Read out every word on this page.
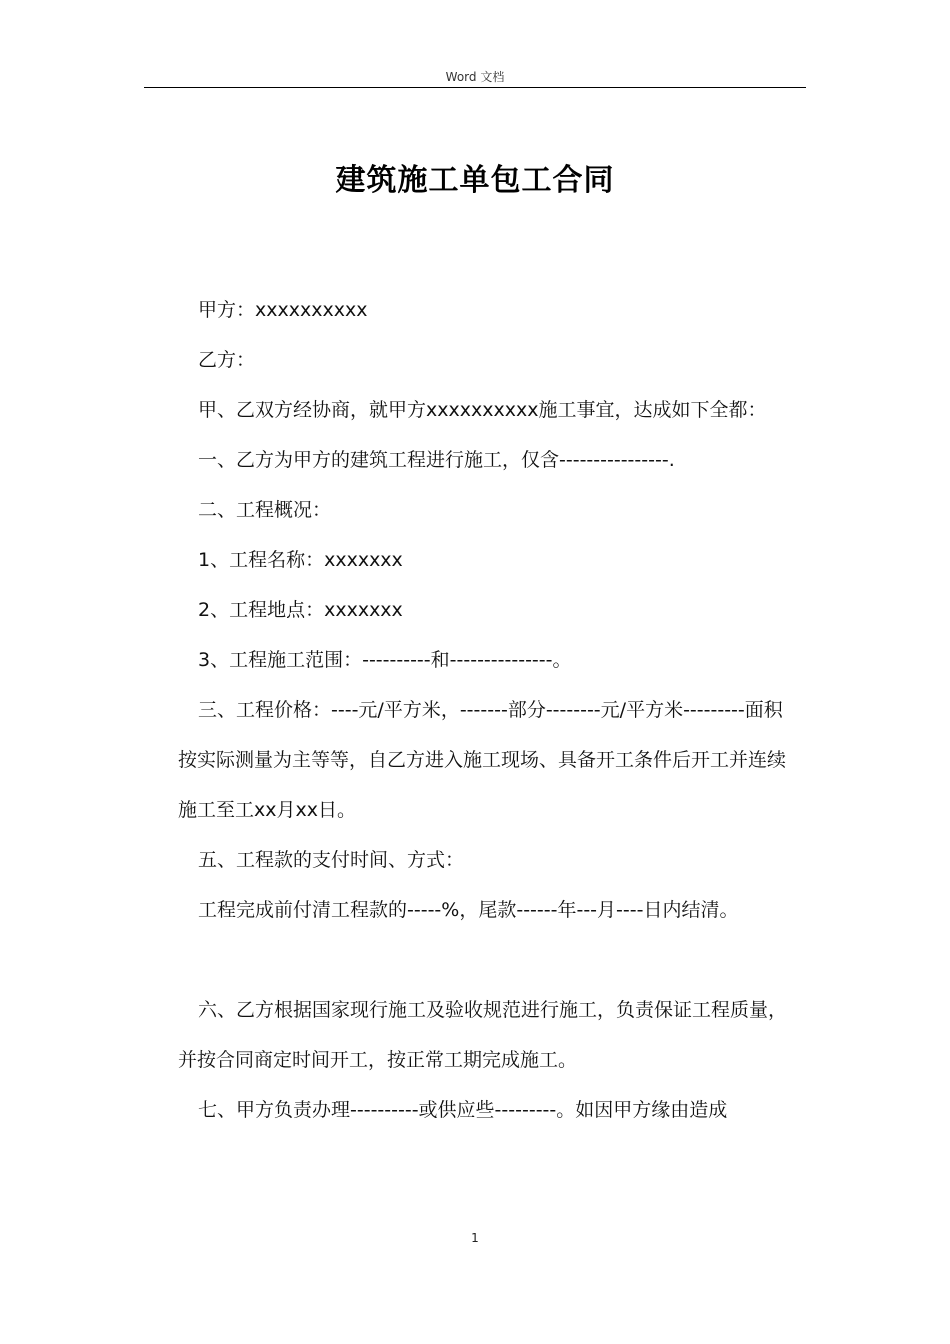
Word 文档
建筑施工单包工合同

甲方：xxxxxxxxxx

乙方：

甲、乙双方经协商，就甲方xxxxxxxxxx施工事宜，达成如下全都：

一、乙方为甲方的建筑工程进行施工，仅含----------------.

二、工程概况：

1、工程名称：xxxxxxx

2、工程地点：xxxxxxx

3、工程施工范围：----------和---------------。

三、工程价格：----元/平方米，-------部分--------元/平方米---------面积按实际测量为主等等，自乙方进入施工现场、具备开工条件后开工并连续施工至工xx月xx日。

五、工程款的支付时间、方式：

工程完成前付清工程款的-----%，尾款------年---月----日内结清。

六、乙方根据国家现行施工及验收规范进行施工，负责保证工程质量，并按合同商定时间开工，按正常工期完成施工。

七、甲方负责办理----------或供应些---------。如因甲方缘由造成

1
